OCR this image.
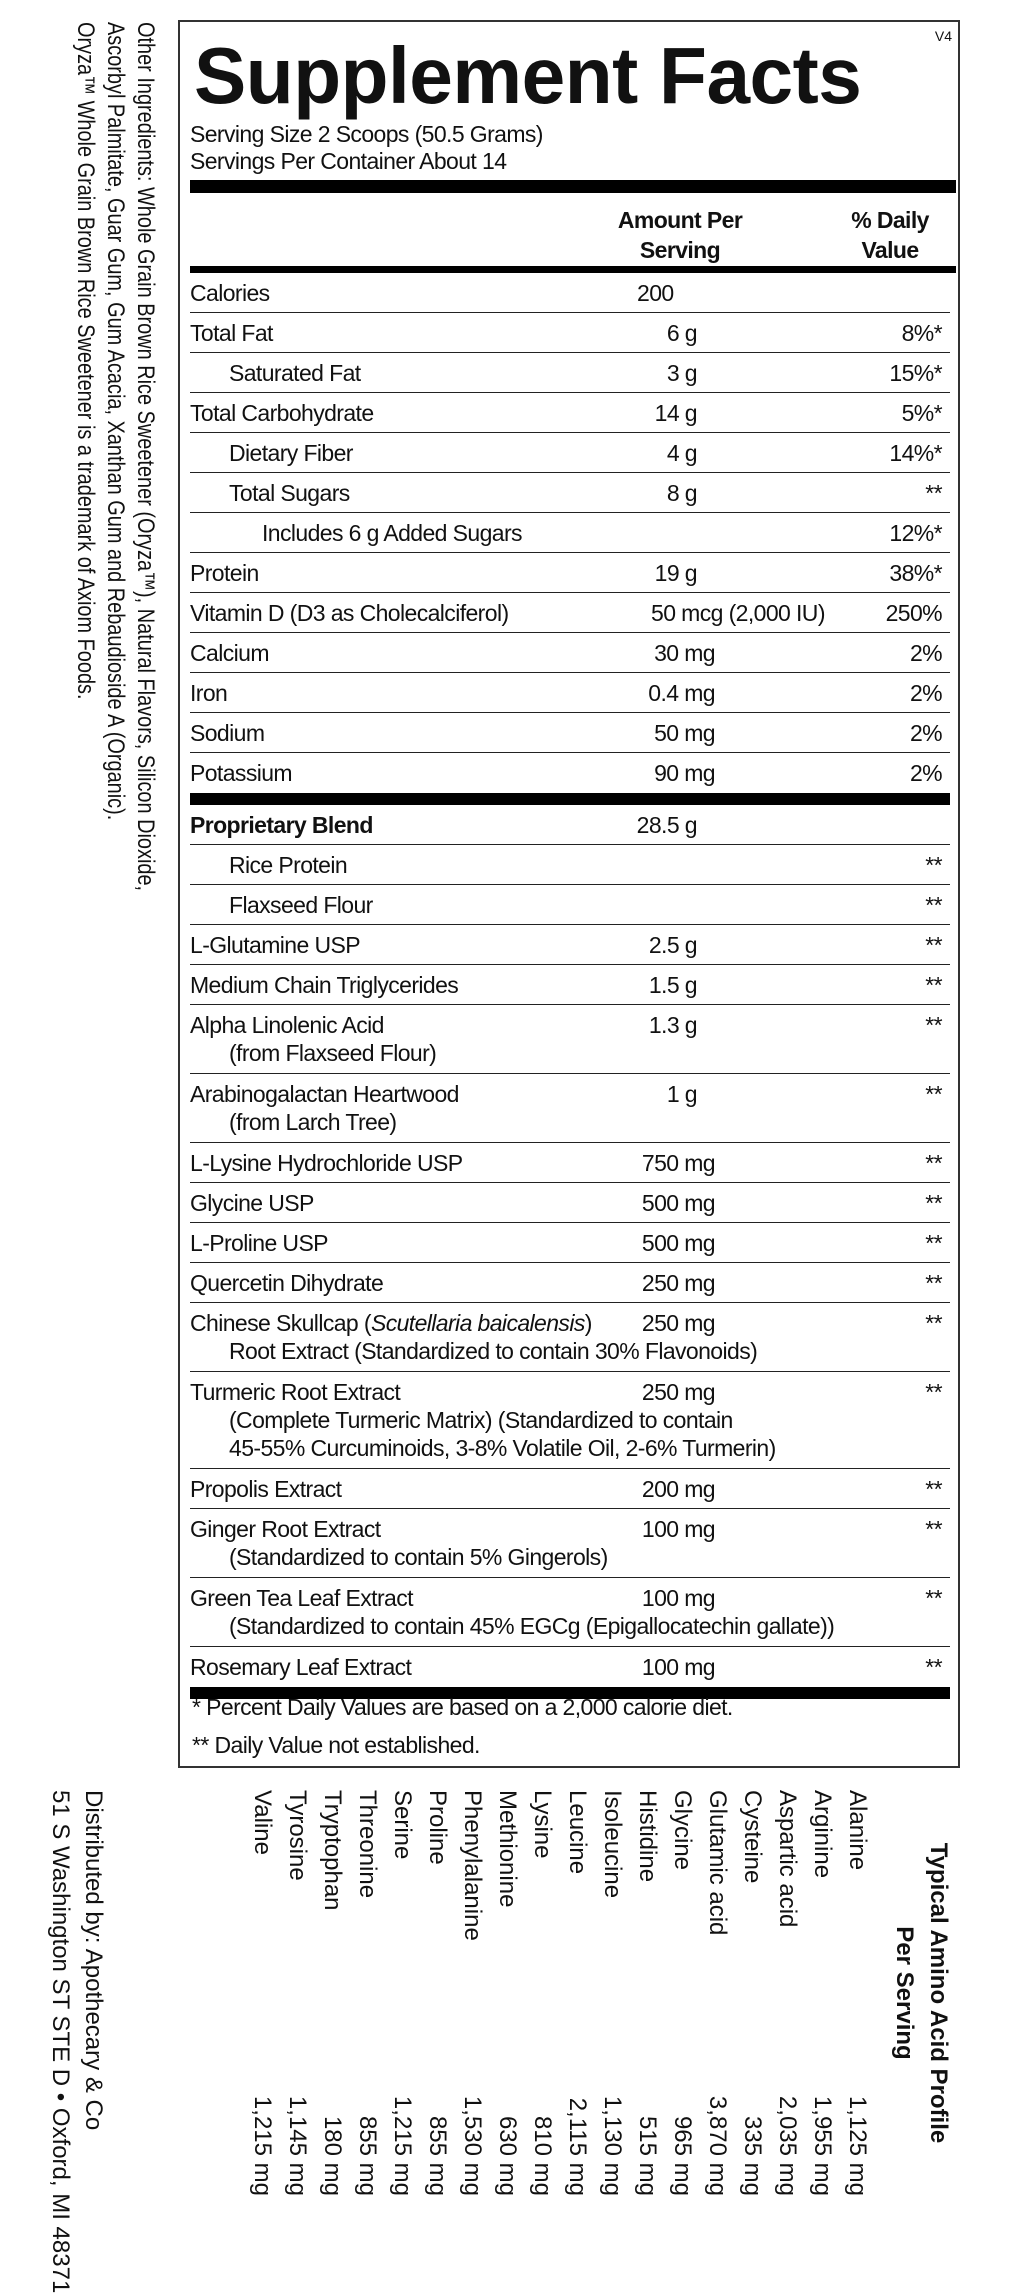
Other Ingredients: Whole Grain Brown Rice Sweetener (Oryza™), Natural Flavors, Silicon Dioxide,
Ascorbyl Palmitate, Guar Gum, Gum Acacia, Xanthan Gum and Rebaudioside A (Organic).
Oryza™ Whole Grain Brown Rice Sweetener is a trademark of Axiom Foods. Supplement Facts	V4
Serving Size 2 Scoops (50.5 Grams)
Servings Per Container About 14
Amount Per
Serving
% Daily
Value
Calories	200
Total Fat	6 g	8%*
Saturated Fat	3 g	15%*
Total Carbohydrate	14 g	5%*
Dietary Fiber	4 g	14%*
Total Sugars	8 g	**
Includes 6 g Added Sugars	12%*
Protein	19 g	38%*
Vitamin D (D3 as Cholecalciferol)	50 mcg (2,000 IU)	250%
Calcium	30 mg	2%
Iron	0.4 mg	2%
Sodium	50 mg	2%
Potassium	90 mg	2%
Proprietary Blend	28.5 g
Rice Protein	**
Flaxseed Flour	**
L-Glutamine USP	2.5 g	**
Medium Chain Triglycerides	1.5 g	**
Alpha Linolenic Acid
(from Flaxseed Flour)
1.3 g	**
Arabinogalactan Heartwood
(from Larch Tree)
1 g	**
L-Lysine Hydrochloride USP	750 mg	**
Glycine USP	500 mg	**
L-Proline USP	500 mg	**
Quercetin Dihydrate	250 mg	**
Chinese Skullcap (Scutellaria baicalensis)
Root Extract (Standardized to contain 30% Flavonoids)
250 mg	**
Turmeric Root Extract
(Complete Turmeric Matrix) (Standardized to contain
45-55% Curcuminoids, 3-8% Volatile Oil, 2-6% Turmerin)
250 mg	**
Propolis Extract	200 mg	**
Ginger Root Extract
(Standardized to contain 5% Gingerols)
100 mg	**
Green Tea Leaf Extract
(Standardized to contain 45% EGCg (Epigallocatechin gallate))
100 mg	**
Rosemary Leaf Extract	100 mg	**
* Percent Daily Values are based on a 2,000 calorie diet.
** Daily Value not established.
Typical Amino Acid Profile
Per Serving
Alanine
1,125 mg
Arginine
1,955 mg
Aspartic acid
2,035 mg
Cysteine
335 mg
Glutamic acid
3,870 mg
Glycine
965 mg
Histidine
515 mg
Isoleucine
1,130 mg
Leucine
2,115 mg
Lysine
810 mg
Methionine
630 mg
Phenylalanine
1,530 mg
Proline
855 mg
Serine
1,215 mg
Threonine
855 mg
Tryptophan
180 mg
Tyrosine
1,145 mg
Valine
1,215 mg
Distributed by: Apothecary & Co
51 S Washington ST STE D • Oxford, MI 48371
